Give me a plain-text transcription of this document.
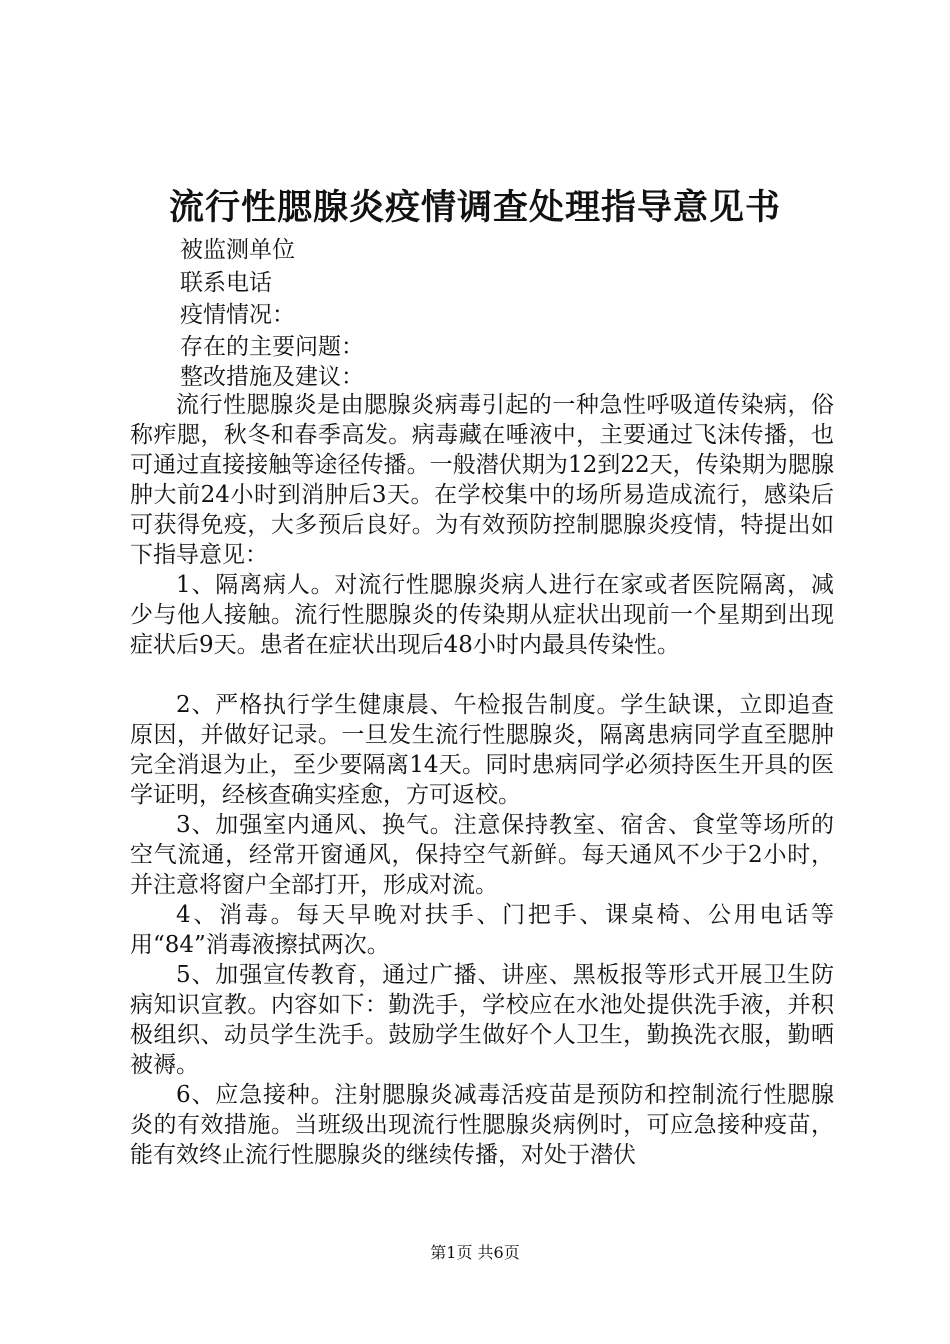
流行性腮腺炎疫情调查处理指导意见书

被监测单位

联系电话

疫情情况：

存在的主要问题：

整改措施及建议：

流行性腮腺炎是由腮腺炎病毒引起的一种急性呼吸道传染病，俗称痄腮，秋冬和春季高发。病毒藏在唾液中，主要通过飞沫传播，也可通过直接接触等途径传播。一般潜伏期为12到22天，传染期为腮腺肿大前24小时到消肿后3天。在学校集中的场所易造成流行，感染后可获得免疫，大多预后良好。为有效预防控制腮腺炎疫情，特提出如下指导意见：

1、隔离病人。对流行性腮腺炎病人进行在家或者医院隔离，减少与他人接触。流行性腮腺炎的传染期从症状出现前一个星期到出现症状后9天。患者在症状出现后48小时内最具传染性。

2、严格执行学生健康晨、午检报告制度。学生缺课，立即追查原因，并做好记录。一旦发生流行性腮腺炎，隔离患病同学直至腮肿完全消退为止，至少要隔离14天。同时患病同学必须持医生开具的医学证明，经核查确实痊愈，方可返校。

3、加强室内通风、换气。注意保持教室、宿舍、食堂等场所的空气流通，经常开窗通风，保持空气新鲜。每天通风不少于2小时，并注意将窗户全部打开，形成对流。

4、消毒。每天早晚对扶手、门把手、课桌椅、公用电话等用“84”消毒液擦拭两次。

5、加强宣传教育，通过广播、讲座、黑板报等形式开展卫生防病知识宣教。内容如下：勤洗手，学校应在水池处提供洗手液，并积极组织、动员学生洗手。鼓励学生做好个人卫生，勤换洗衣服，勤晒被褥。

6、应急接种。注射腮腺炎减毒活疫苗是预防和控制流行性腮腺炎的有效措施。当班级出现流行性腮腺炎病例时，可应急接种疫苗，能有效终止流行性腮腺炎的继续传播，对处于潜伏

第1页 共6页
